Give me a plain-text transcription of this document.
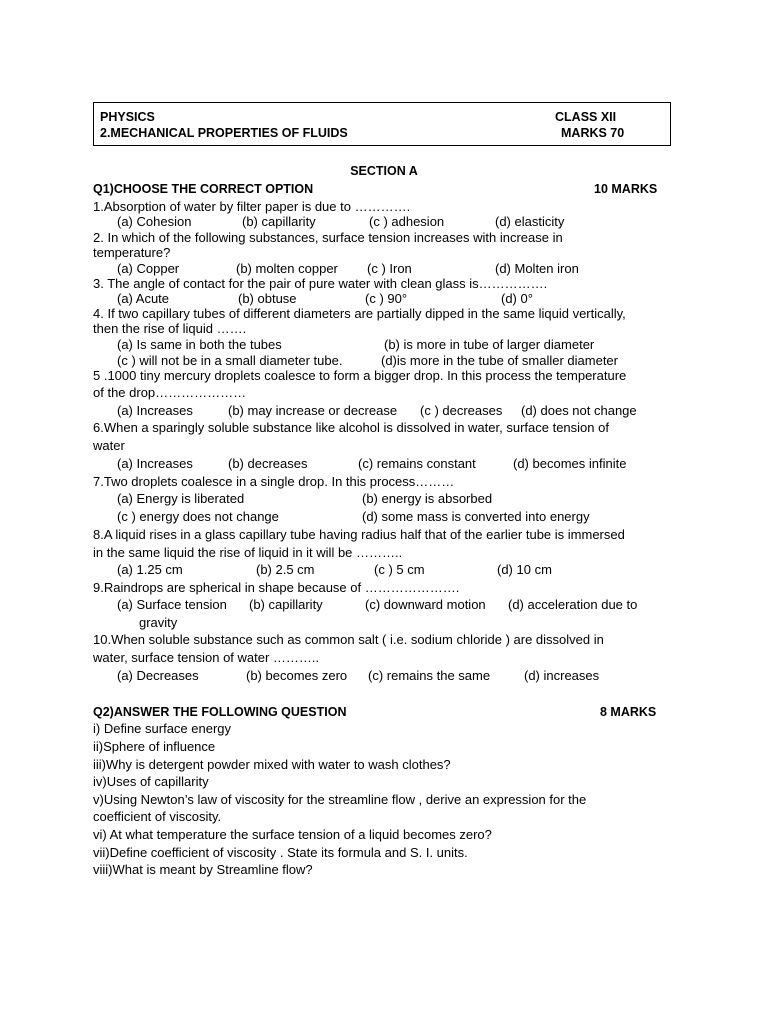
PHYSICS	CLASS XII
2.MECHANICAL PROPERTIES OF FLUIDS	MARKS 70
SECTION A
Q1)CHOOSE THE CORRECT OPTION	10 MARKS
1.Absorption of water by filter paper is due to ………….
(a) Cohesion	(b) capillarity	(c ) adhesion	(d) elasticity
2. In which of the following substances, surface tension increases with increase in
temperature?
(a) Copper	(b) molten copper (c ) Iron	(d) Molten iron
3. The angle of contact for the pair of pure water with clean glass is…………….
(a) Acute	(b) obtuse	(c ) 90°	(d) 0°
4. If two capillary tubes of different diameters are partially dipped in the same liquid vertically,
then the rise of liquid …….
(a) Is same in both the tubes	(b) is more in tube of larger diameter
(c ) will not be in a small diameter tube.	(d)is more in the tube of smaller diameter
5 .1000 tiny mercury droplets coalesce to form a bigger drop. In this process the temperature
of the drop…………………
(a) Increases	(b) may increase or decrease (c ) decreases (d) does not change
6.When a sparingly soluble substance like alcohol is dissolved in water, surface tension of
water
(a) Increases	(b) decreases	(c) remains constant	(d) becomes infinite
7.Two droplets coalesce in a single drop. In this process………
(a) Energy is liberated	(b) energy is absorbed
(c ) energy does not change	(d) some mass is converted into energy
8.A liquid rises in a glass capillary tube having radius half that of the earlier tube is immersed
in the same liquid the rise of liquid in it will be ………..
(a) 1.25 cm	(b) 2.5 cm	(c ) 5 cm	(d) 10 cm
9.Raindrops are spherical in shape because of ………………….
(a) Surface tension (b) capillarity	(c) downward motion (d) acceleration due to
gravity
10.When soluble substance such as common salt ( i.e. sodium chloride ) are dissolved in
water, surface tension of water ………..
(a) Decreases	(b) becomes zero (c) remains the same	(d) increases
Q2)ANSWER THE FOLLOWING QUESTION	8 MARKS
i) Define surface energy
ii)Sphere of influence
iii)Why is detergent powder mixed with water to wash clothes?
iv)Uses of capillarity
v)Using Newton’s law of viscosity for the streamline flow , derive an expression for the
coefficient of viscosity.
vi) At what temperature the surface tension of a liquid becomes zero?
vii)Define coefficient of viscosity . State its formula and S. I. units.
viii)What is meant by Streamline flow?
